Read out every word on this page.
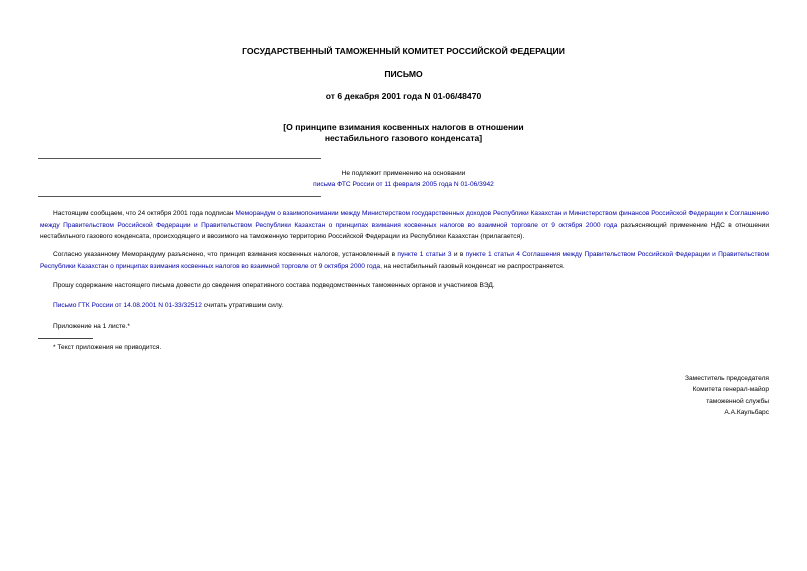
ГОСУДАРСТВЕННЫЙ ТАМОЖЕННЫЙ КОМИТЕТ РОССИЙСКОЙ ФЕДЕРАЦИИ
ПИСЬМО
от 6 декабря 2001 года N 01-06/48470
[О принципе взимания косвенных налогов в отношении
нестабильного газового конденсата]
Не подлежит применению на основании
письма ФТС России от 11 февраля 2005 года N 01-06/3942

Настоящим сообщаем, что 24 октября 2001 года подписан Меморандум о взаимопонимании между Министерством государственных доходов Республики Казахстан и Министерством финансов Российской Федерации к Соглашению между Правительством Российской Федерации и Правительством Республики Казахстан о принципах взимания косвенных налогов во взаимной торговле от 9 октября 2000 года разъясняющий применение НДС в отношении нестабильного газового конденсата, происходящего и ввозимого на таможенную территорию Российской Федерации из Республики Казахстан (прилагается).

Согласно указанному Меморандуму разъяснено, что принцип взимания косвенных налогов, установленный в пункте 1 статьи 3 и в пункте 1 статьи 4 Соглашения между Правительством Российской Федерации и Правительством Республики Казахстан о принципах взимания косвенных налогов во взаимной торговле от 9 октября 2000 года, на нестабильный газовый конденсат не распространяется.

Прошу содержание настоящего письма довести до сведения оперативного состава подведомственных таможенных органов и участников ВЭД.

Письмо ГТК России от 14.08.2001 N 01-33/32512 считать утратившим силу.

Приложение на 1 листе.*

* Текст приложения не приводится.
Заместитель председателя
Комитета генерал-майор
таможенной службы
А.А.Каульбарс
